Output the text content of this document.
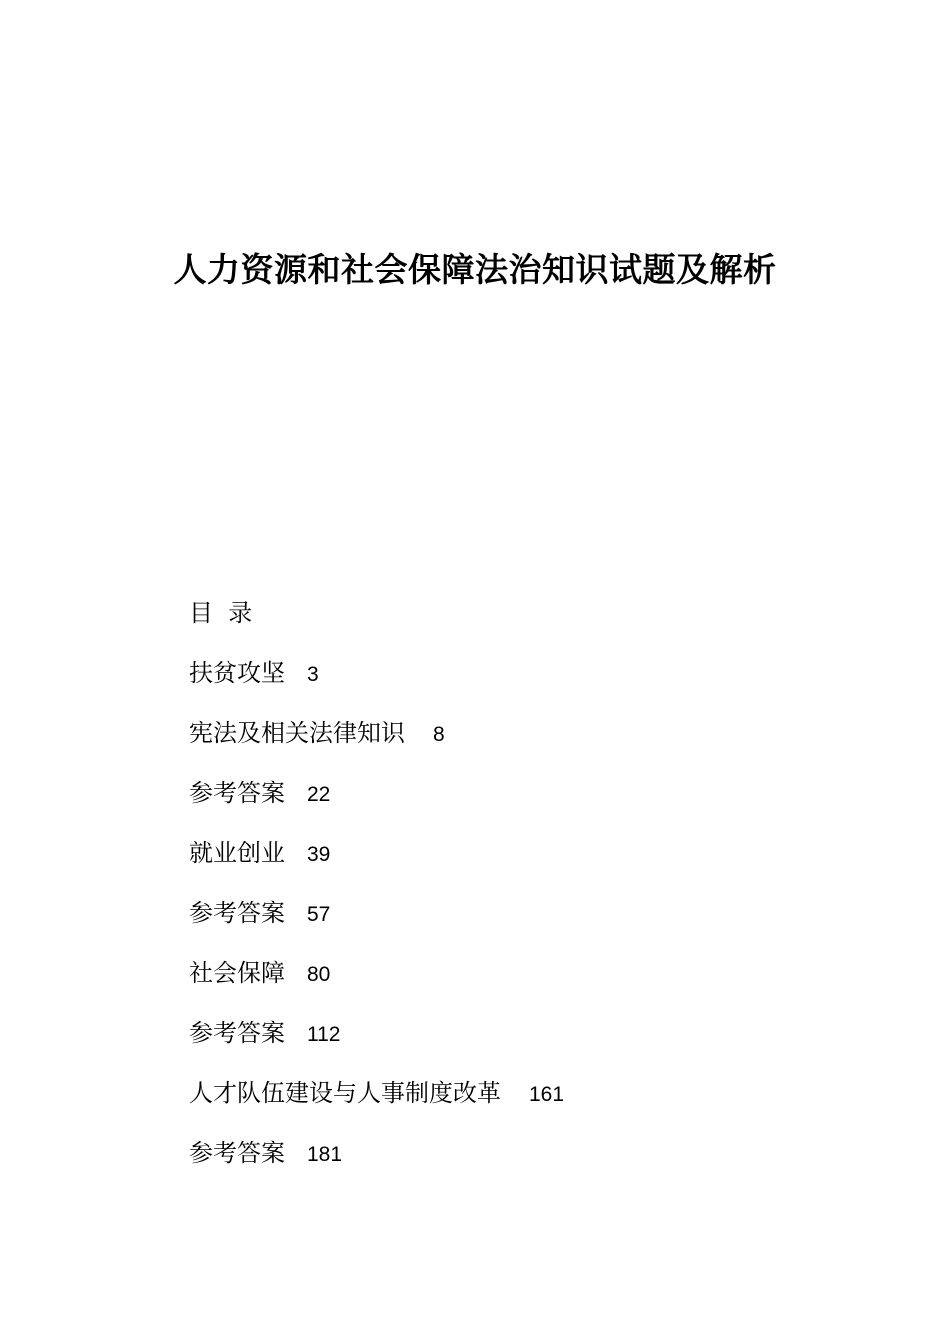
人力资源和社会保障法治知识试题及解析
目  录
扶贫攻坚 3
宪法及相关法律知识 8
参考答案 22
就业创业 39
参考答案 57
社会保障 80
参考答案 112
人才队伍建设与人事制度改革 161
参考答案 181
